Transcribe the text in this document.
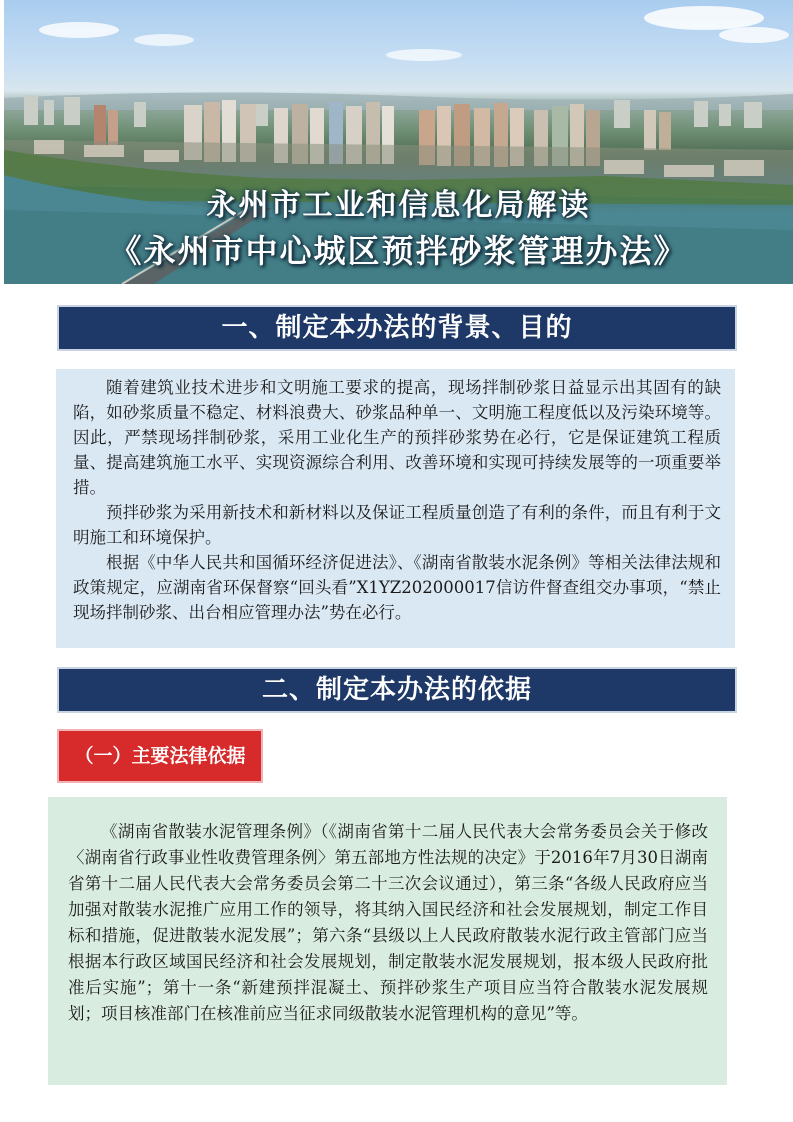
永州市工业和信息化局解读
《永州市中心城区预拌砂浆管理办法》
一、制定本办法的背景、目的

随着建筑业技术进步和文明施工要求的提高，现场拌制砂浆日益显示出其固有的缺陷，如砂浆质量不稳定、材料浪费大、砂浆品种单一、文明施工程度低以及污染环境等。因此，严禁现场拌制砂浆，采用工业化生产的预拌砂浆势在必行，它是保证建筑工程质量、提高建筑施工水平、实现资源综合利用、改善环境和实现可持续发展等的一项重要举措。

预拌砂浆为采用新技术和新材料以及保证工程质量创造了有利的条件，而且有利于文明施工和环境保护。

根据《中华人民共和国循环经济促进法》、《湖南省散装水泥条例》等相关法律法规和政策规定，应湖南省环保督察“回头看”X1YZ202000017信访件督查组交办事项，“禁止现场拌制砂浆、出台相应管理办法”势在必行。

二、制定本办法的依据
（一）主要法律依据

《湖南省散装水泥管理条例》（《湖南省第十二届人民代表大会常务委员会关于修改〈湖南省行政事业性收费管理条例〉第五部地方性法规的决定》于2016年7月30日湖南省第十二届人民代表大会常务委员会第二十三次会议通过），第三条“各级人民政府应当加强对散装水泥推广应用工作的领导，将其纳入国民经济和社会发展规划，制定工作目标和措施，促进散装水泥发展”；第六条“县级以上人民政府散装水泥行政主管部门应当根据本行政区域国民经济和社会发展规划，制定散装水泥发展规划，报本级人民政府批准后实施”；第十一条“新建预拌混凝土、预拌砂浆生产项目应当符合散装水泥发展规划；项目核准部门在核准前应当征求同级散装水泥管理机构的意见”等。
